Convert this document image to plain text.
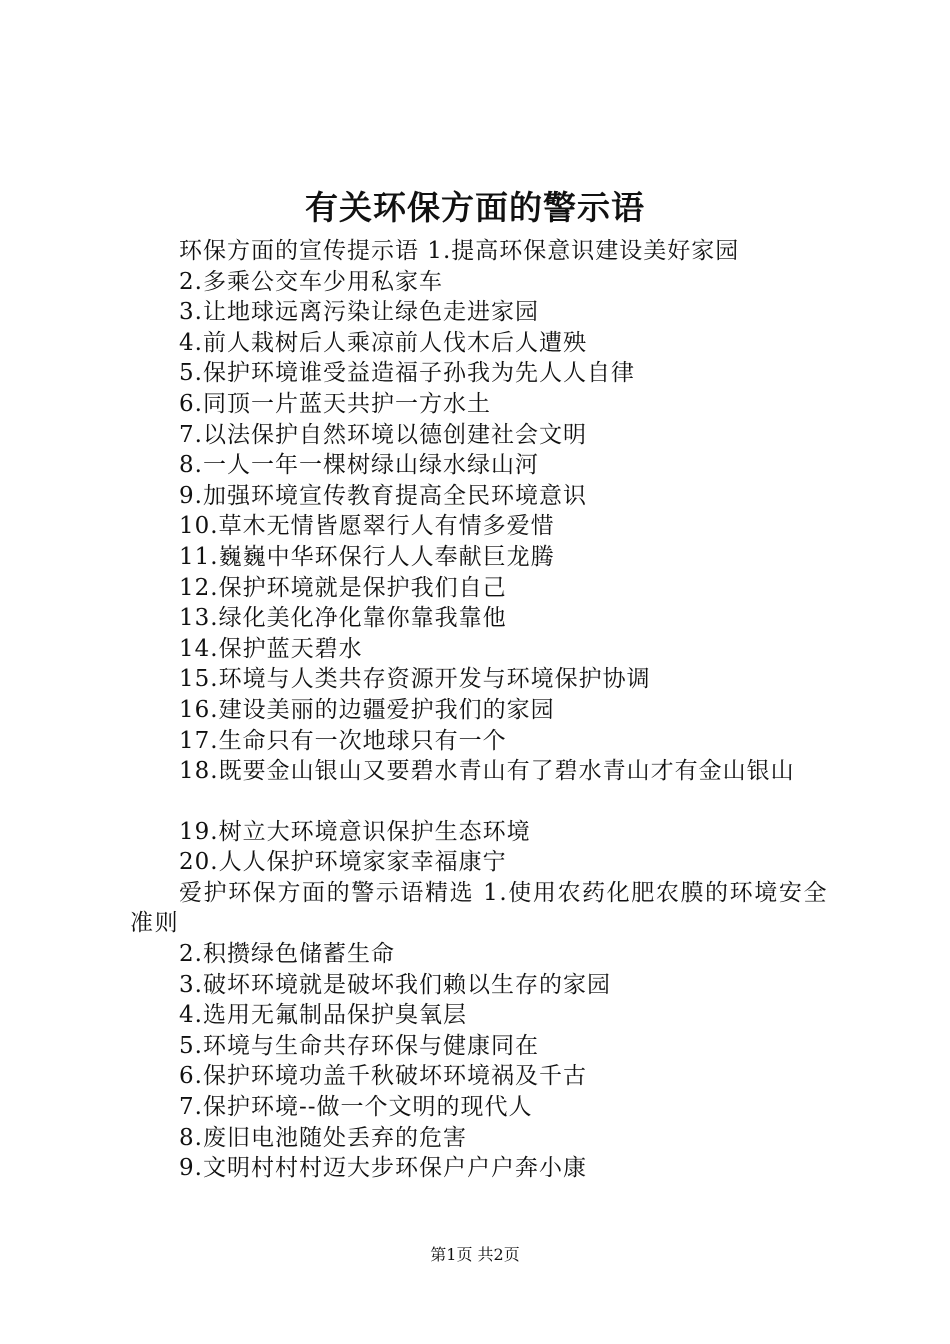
有关环保方面的警示语

环保方面的宣传提示语 1.提高环保意识建设美好家园

2.多乘公交车少用私家车

3.让地球远离污染让绿色走进家园

4.前人栽树后人乘凉前人伐木后人遭殃

5.保护环境谁受益造福子孙我为先人人自律

6.同顶一片蓝天共护一方水土

7.以法保护自然环境以德创建社会文明

8.一人一年一棵树绿山绿水绿山河

9.加强环境宣传教育提高全民环境意识

10.草木无情皆愿翠行人有情多爱惜

11.巍巍中华环保行人人奉献巨龙腾

12.保护环境就是保护我们自己

13.绿化美化净化靠你靠我靠他

14.保护蓝天碧水

15.环境与人类共存资源开发与环境保护协调

16.建设美丽的边疆爱护我们的家园

17.生命只有一次地球只有一个

18.既要金山银山又要碧水青山有了碧水青山才有金山银山

19.树立大环境意识保护生态环境

20.人人保护环境家家幸福康宁

爱护环保方面的警示语精选 1.使用农药化肥农膜的环境安全准则

2.积攒绿色储蓄生命

3.破坏环境就是破坏我们赖以生存的家园

4.选用无氟制品保护臭氧层

5.环境与生命共存环保与健康同在

6.保护环境功盖千秋破坏环境祸及千古

7.保护环境--做一个文明的现代人

8.废旧电池随处丢弃的危害

9.文明村村村迈大步环保户户户奔小康

第1页 共2页
